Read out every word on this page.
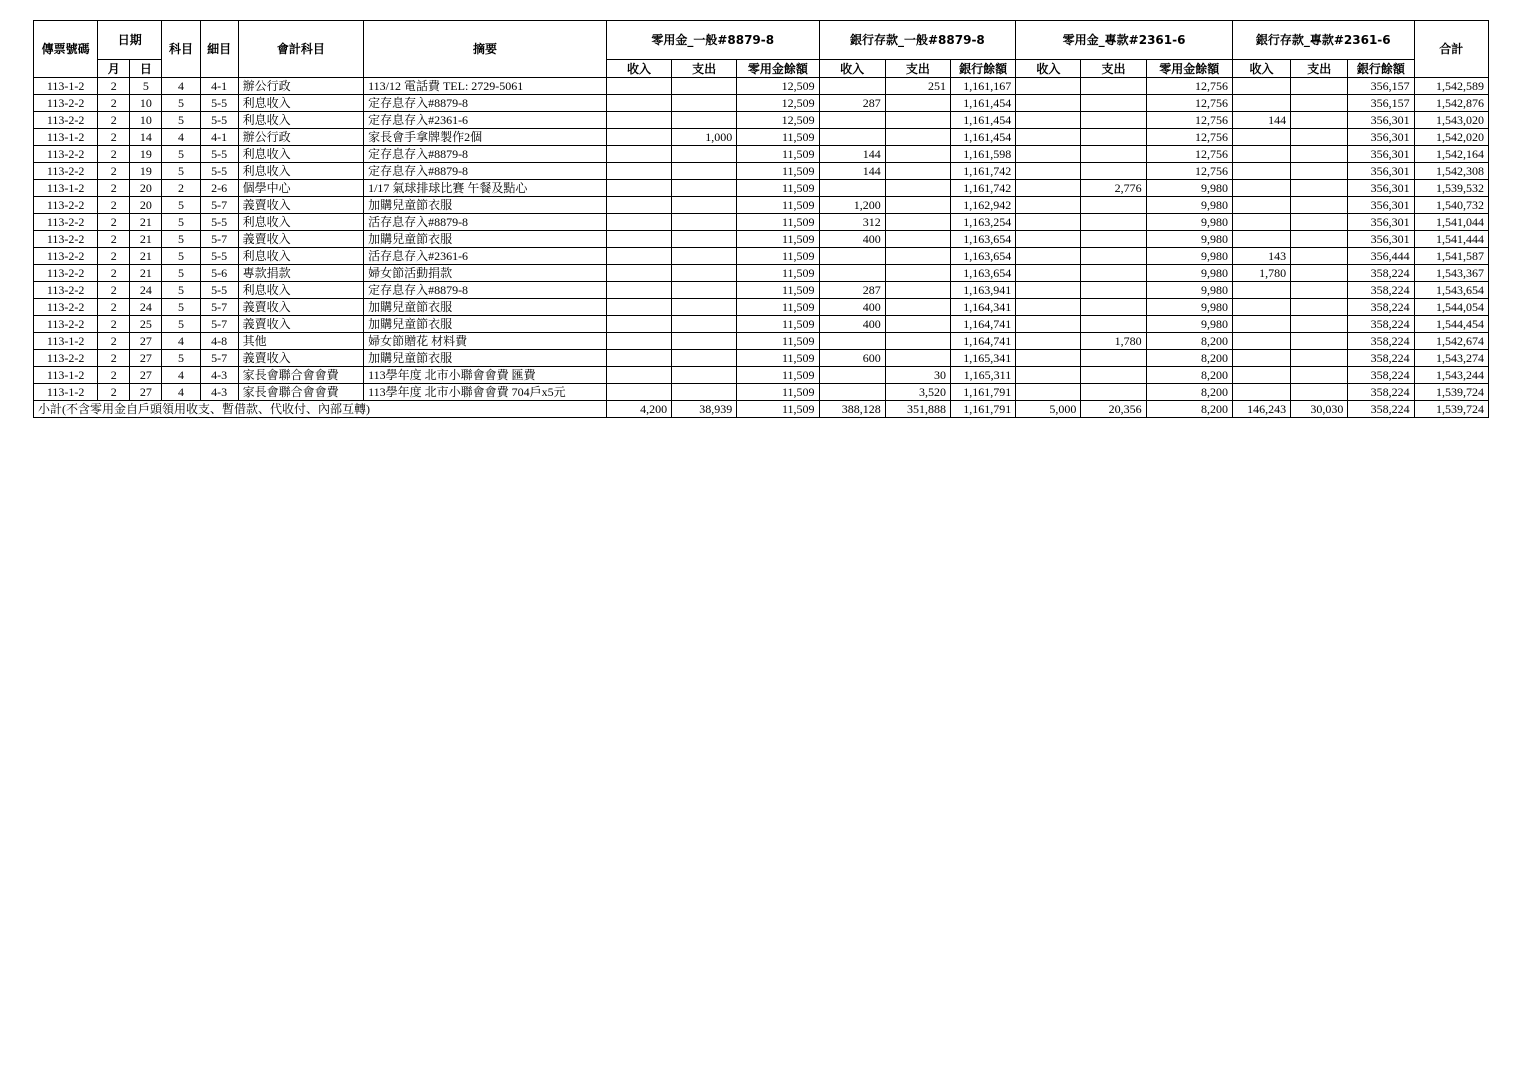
傳票號碼	日期		科目	細目	會計科目	摘要	零用金_一般#8879-8			銀行存款_一般#8879-8			零用金_專款#2361-6			銀行存款_專款#2361-6			合計
	月	日					收入	支出	零用金餘額	收入	支出	銀行餘額	收入	支出	零用金餘額	收入	支出	銀行餘額	
113-1-2	2	5	4	4-1	辦公行政	113/12 電話費 TEL: 2729-5061			12,509		251	1,161,167			12,756			356,157	1,542,589
113-2-2	2	10	5	5-5	利息收入	定存息存入#8879-8			12,509	287		1,161,454			12,756			356,157	1,542,876
113-2-2	2	10	5	5-5	利息收入	定存息存入#2361-6			12,509			1,161,454			12,756	144		356,301	1,543,020
113-1-2	2	14	4	4-1	辦公行政	家長會手拿牌製作2個		1,000	11,509			1,161,454			12,756			356,301	1,542,020
113-2-2	2	19	5	5-5	利息收入	定存息存入#8879-8			11,509	144		1,161,598			12,756			356,301	1,542,164
113-2-2	2	19	5	5-5	利息收入	定存息存入#8879-8			11,509	144		1,161,742			12,756			356,301	1,542,308
113-1-2	2	20	2	2-6	個學中心	1/17 氣球排球比賽 午餐及點心			11,509			1,161,742		2,776	9,980			356,301	1,539,532
113-2-2	2	20	5	5-7	義賣收入	加購兒童節衣服			11,509	1,200		1,162,942			9,980			356,301	1,540,732
113-2-2	2	21	5	5-5	利息收入	活存息存入#8879-8			11,509	312		1,163,254			9,980			356,301	1,541,044
113-2-2	2	21	5	5-7	義賣收入	加購兒童節衣服			11,509	400		1,163,654			9,980			356,301	1,541,444
113-2-2	2	21	5	5-5	利息收入	活存息存入#2361-6			11,509			1,163,654			9,980	143		356,444	1,541,587
113-2-2	2	21	5	5-6	專款捐款	婦女節活動捐款			11,509			1,163,654			9,980	1,780		358,224	1,543,367
113-2-2	2	24	5	5-5	利息收入	定存息存入#8879-8			11,509	287		1,163,941			9,980			358,224	1,543,654
113-2-2	2	24	5	5-7	義賣收入	加購兒童節衣服			11,509	400		1,164,341			9,980			358,224	1,544,054
113-2-2	2	25	5	5-7	義賣收入	加購兒童節衣服			11,509	400		1,164,741			9,980			358,224	1,544,454
113-1-2	2	27	4	4-8	其他	婦女節贈花 材料費			11,509			1,164,741		1,780	8,200			358,224	1,542,674
113-2-2	2	27	5	5-7	義賣收入	加購兒童節衣服			11,509	600		1,165,341			8,200			358,224	1,543,274
113-1-2	2	27	4	4-3	家長會聯合會會費	113學年度 北市小聯會會費 匯費			11,509		30	1,165,311			8,200			358,224	1,543,244
113-1-2	2	27	4	4-3	家長會聯合會會費	113學年度 北市小聯會會費 704戶x5元			11,509		3,520	1,161,791			8,200			358,224	1,539,724
小計(不含零用金自戶頭領用收支、暫借款、代收付、內部互轉)							4,200	38,939	11,509	388,128	351,888	1,161,791	5,000	20,356	8,200	146,243	30,030	358,224	1,539,724
